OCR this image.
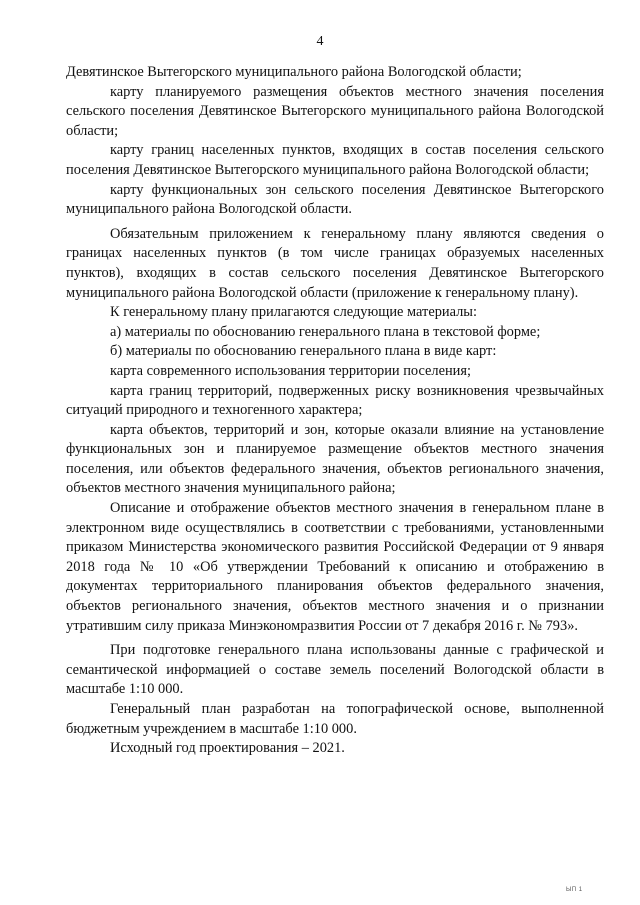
4

Девятинское Вытегорского муниципального района Вологодской области;

карту планируемого размещения объектов местного значения поселения сельского поселения Девятинское Вытегорского муниципального района Вологодской области;

карту границ населенных пунктов, входящих в состав поселения сельского поселения Девятинское Вытегорского муниципального района Вологодской области;

карту функциональных зон сельского поселения Девятинское Вытегорского муниципального района Вологодской области.

Обязательным приложением к генеральному плану являются сведения о границах населенных пунктов (в том числе границах образуемых населенных пунктов), входящих в состав сельского поселения Девятинское Вытегорского муниципального района Вологодской области (приложение к генеральному плану).

К генеральному плану прилагаются следующие материалы:

а) материалы по обоснованию генерального плана в текстовой форме;

б) материалы по обоснованию генерального плана в виде карт:

карта современного использования территории поселения;

карта границ территорий, подверженных риску возникновения чрезвычайных ситуаций природного и техногенного характера;

карта объектов, территорий и зон, которые оказали влияние на установление функциональных зон и планируемое размещение объектов местного значения поселения, или объектов федерального значения, объектов регионального значения, объектов местного значения муниципального района;

Описание и отображение объектов местного значения в генеральном плане в электронном виде осуществлялись в соответствии с требованиями, установленными приказом Министерства экономического развития Российской Федерации от 9 января 2018 года № 10 «Об утверждении Требований к описанию и отображению в документах территориального планирования объектов федерального значения, объектов регионального значения, объектов местного значения и о признании утратившим силу приказа Минэкономразвития России от 7 декабря 2016 г. № 793».

При подготовке генерального плана использованы данные с графической и семантической информацией о составе земель поселений Вологодской области в масштабе 1:10 000.

Генеральный план разработан на топографической основе, выполненной бюджетным учреждением в масштабе 1:10 000.

Исходный год проектирования – 2021.

ЫП 1
